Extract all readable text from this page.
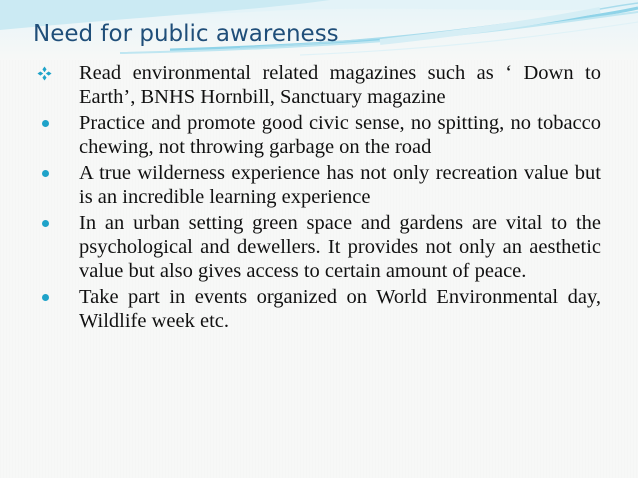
Need for public awareness
Read environmental related magazines such as ‘ Down to Earth’, BNHS Hornbill, Sanctuary magazine
Practice and promote good civic sense, no spitting, no tobacco chewing, not throwing garbage on the road
A true wilderness experience has not only recreation value but is an incredible learning experience
In an urban setting green space and gardens are vital to the psychological and dewellers. It provides not only an aesthetic value but also gives access to certain amount of peace.
Take part in events organized on World Environmental day, Wildlife week etc.
